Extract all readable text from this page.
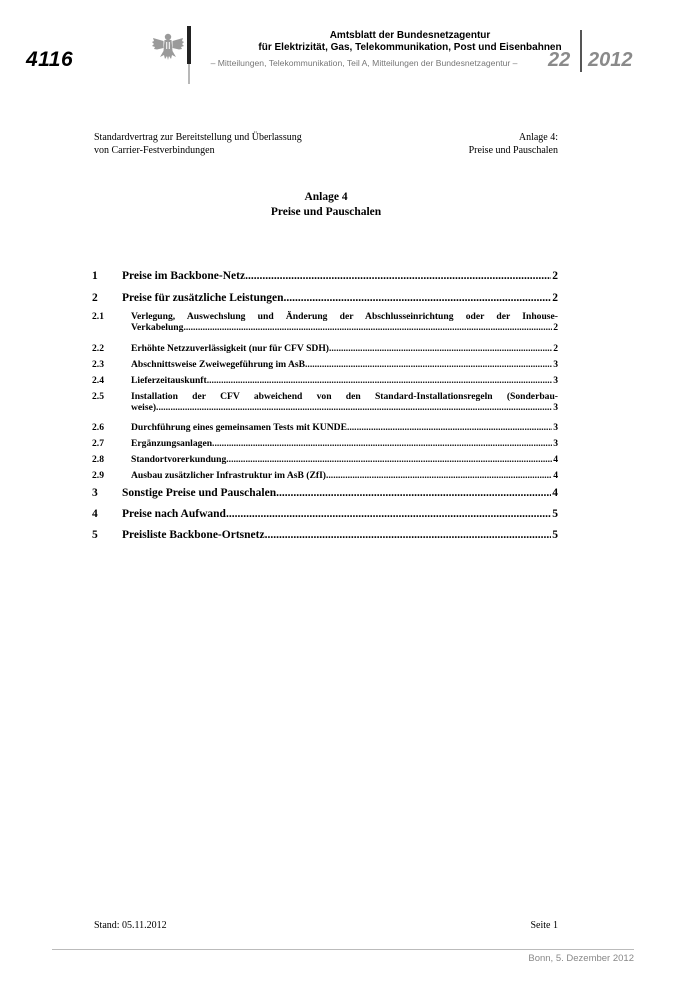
4116
Amtsblatt der Bundesnetzagentur
für Elektrizität, Gas, Telekommunikation, Post und Eisenbahnen
– Mitteilungen, Telekommunikation, Teil A, Mitteilungen der Bundesnetzagentur –	22 2012
Standardvertrag zur Bereitstellung und Überlassung
von Carrier-Festverbindungen
Anlage 4:
Preise und Pauschalen
Anlage 4
Preise und Pauschalen
1	Preise im Backbone-Netz .....	2
2	Preise für zusätzliche Leistungen .....	2
2.1	Verlegung, Auswechslung und Änderung der Abschlusseinrichtung oder der Inhouse-
Verkabelung .....	2
2.2	Erhöhte Netzzuverlässigkeit (nur für CFV SDH) .....	2
2.3	Abschnittsweise Zweiwegeführung im AsB .....	3
2.4	Lieferzeitauskunft .....	3
2.5	Installation der CFV abweichend von den Standard-Installationsregeln (Sonderbau-
weise) .....	3
2.6	Durchführung eines gemeinsamen Tests mit KUNDE .....	3
2.7	Ergänzungsanlagen .....	3
2.8	Standortvorerkundung .....	4
2.9	Ausbau zusätzlicher Infrastruktur im AsB (ZfI) .....	4
3	Sonstige Preise und Pauschalen .....	4
4	Preise nach Aufwand .....	5
5	Preisliste Backbone-Ortsnetz .....	5
Stand: 05.11.2012	Seite 1
Bonn, 5. Dezember 2012
